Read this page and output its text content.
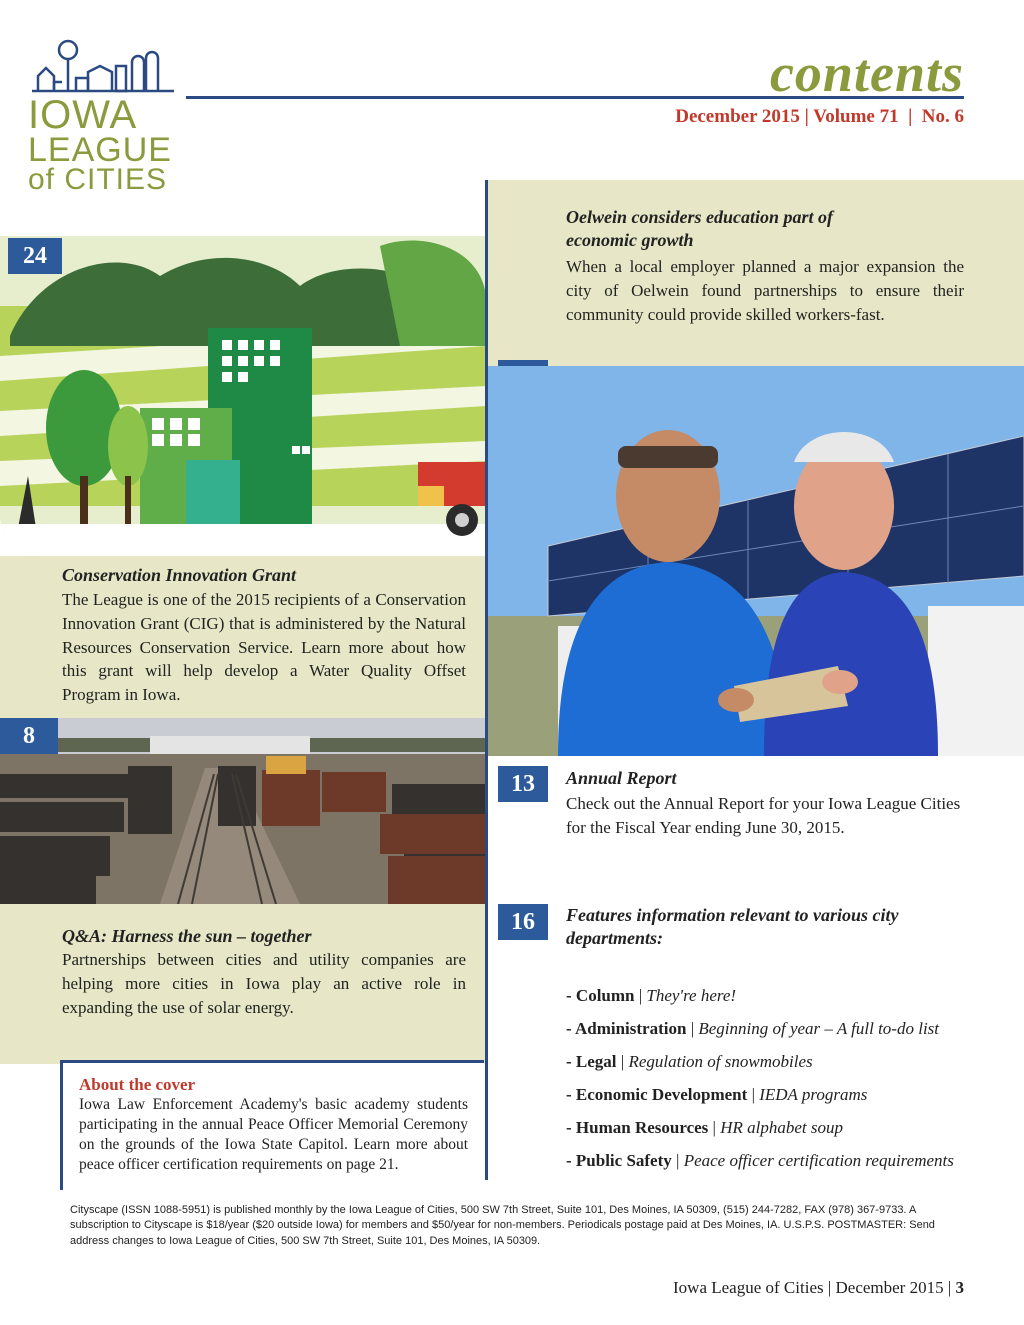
IOWA
LEAGUE
of CITIES
contents
December 2015 | Volume 71  |  No. 6
24
Conservation Innovation Grant
The League is one of the 2015 recipients of a Conservation Innovation Grant (CIG) that is administered by the Natural Resources Conservation Service. Learn more about how this grant will help develop a Water Quality Offset Program in Iowa.
8
Q&A: Harness the sun – together
Partnerships between cities and utility companies are helping more cities in Iowa play an active role in expanding the use of solar energy.
About the cover
Iowa Law Enforcement Academy's basic academy students participating in the annual Peace Officer Memorial Ceremony on the grounds of the Iowa State Capitol. Learn more about peace officer certification requirements on page 21.
Oelwein considers education part of economic growth
When a local employer planned a major expansion the city of Oelwein found partnerships to ensure their community could provide skilled workers-fast.
13	Annual Report
Check out the Annual Report for your Iowa League Cities for the Fiscal Year ending June 30, 2015.
16	Features information relevant to various city departments:
- Column | They're here!
- Administration | Beginning of year – A full to-do list
- Legal | Regulation of snowmobiles
- Economic Development | IEDA programs
- Human Resources | HR alphabet soup
- Public Safety | Peace officer certification requirements
Cityscape (ISSN 1088-5951) is published monthly by the Iowa League of Cities, 500 SW 7th Street, Suite 101, Des Moines, IA 50309, (515) 244-7282, FAX (978) 367-9733. A subscription to Cityscape is $18/year ($20 outside Iowa) for members and $50/year for non-members. Periodicals postage paid at Des Moines, IA. U.S.P.S. POSTMASTER: Send address changes to Iowa League of Cities, 500 SW 7th Street, Suite 101, Des Moines, IA 50309.
Iowa League of Cities | December 2015 | 3
